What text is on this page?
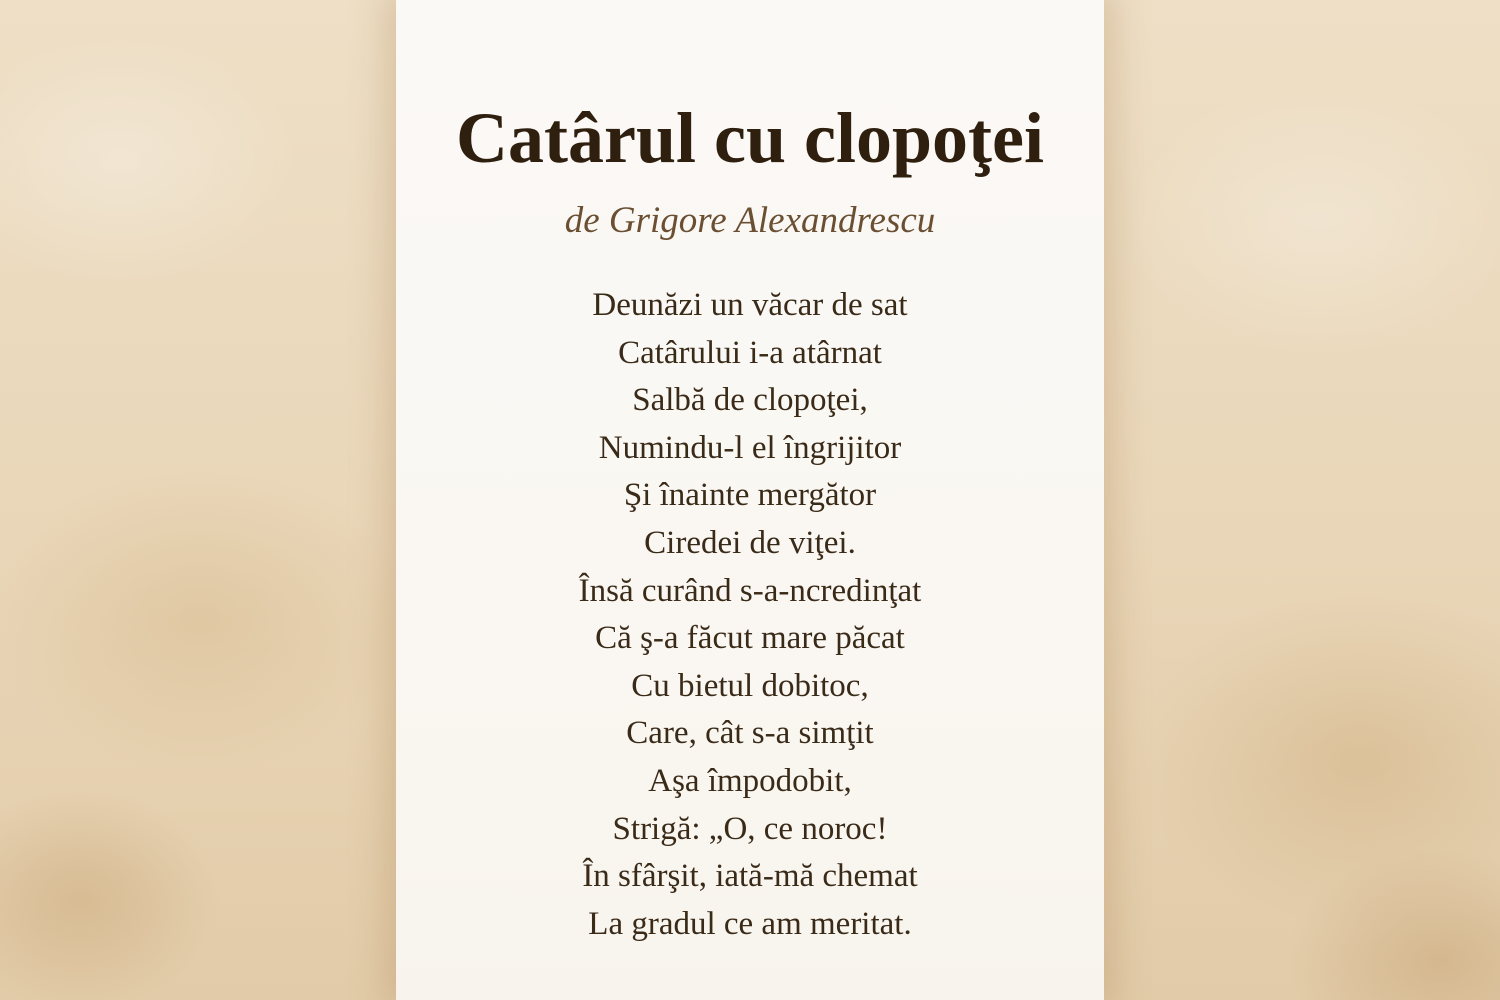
Catârul cu clopoţei

de Grigore Alexandrescu

Deunăzi un văcar de sat
Catârului i-a atârnat
Salbă de clopoţei,
Numindu-l el îngrijitor
Şi înainte mergător
Ciredei de viţei.
Însă curând s-a-ncredinţat
Că ş-a făcut mare păcat
Cu bietul dobitoc,
Care, cât s-a simţit
Aşa împodobit,
Strigă: „O, ce noroc!
În sfârşit, iată-mă chemat
La gradul ce am meritat.
